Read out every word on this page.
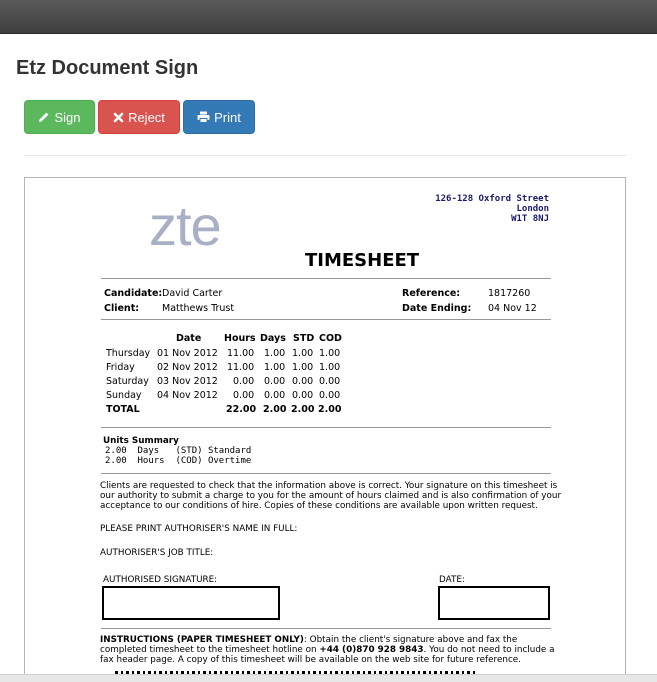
Etz Document Sign
Sign	Reject	Print
126-128 Oxford Street
London
W1T 8NJ
zte
TIMESHEET
Candidate: David Carter
Client: Matthews Trust
Reference:	1817260
Date Ending: 04 Nov 12
Date Hours Days STD COD
Thursday 01 Nov 2012 11.00 1.00 1.00 1.00
Friday 02 Nov 2012 11.00 1.00 1.00 1.00
Saturday 03 Nov 2012 0.00 0.00 0.00 0.00
Sunday 04 Nov 2012 0.00 0.00 0.00 0.00
TOTAL	22.00 2.00 2.00 2.00
Units Summary
2.00  Days   (STD) Standard
2.00  Hours  (COD) Overtime
Clients are requested to check that the information above is correct. Your signature on this timesheet is
our authority to submit a charge to you for the amount of hours claimed and is also confirmation of your
acceptance to our conditions of hire. Copies of these conditions are available upon written request.
PLEASE PRINT AUTHORISER'S NAME IN FULL:
AUTHORISER'S JOB TITLE:
AUTHORISED SIGNATURE:	DATE:
INSTRUCTIONS (PAPER TIMESHEET ONLY): Obtain the client's signature above and fax the
completed timesheet to the timesheet hotline on +44 (0)870 928 9843. You do not need to include a
fax header page. A copy of this timesheet will be available on the web site for future reference.
